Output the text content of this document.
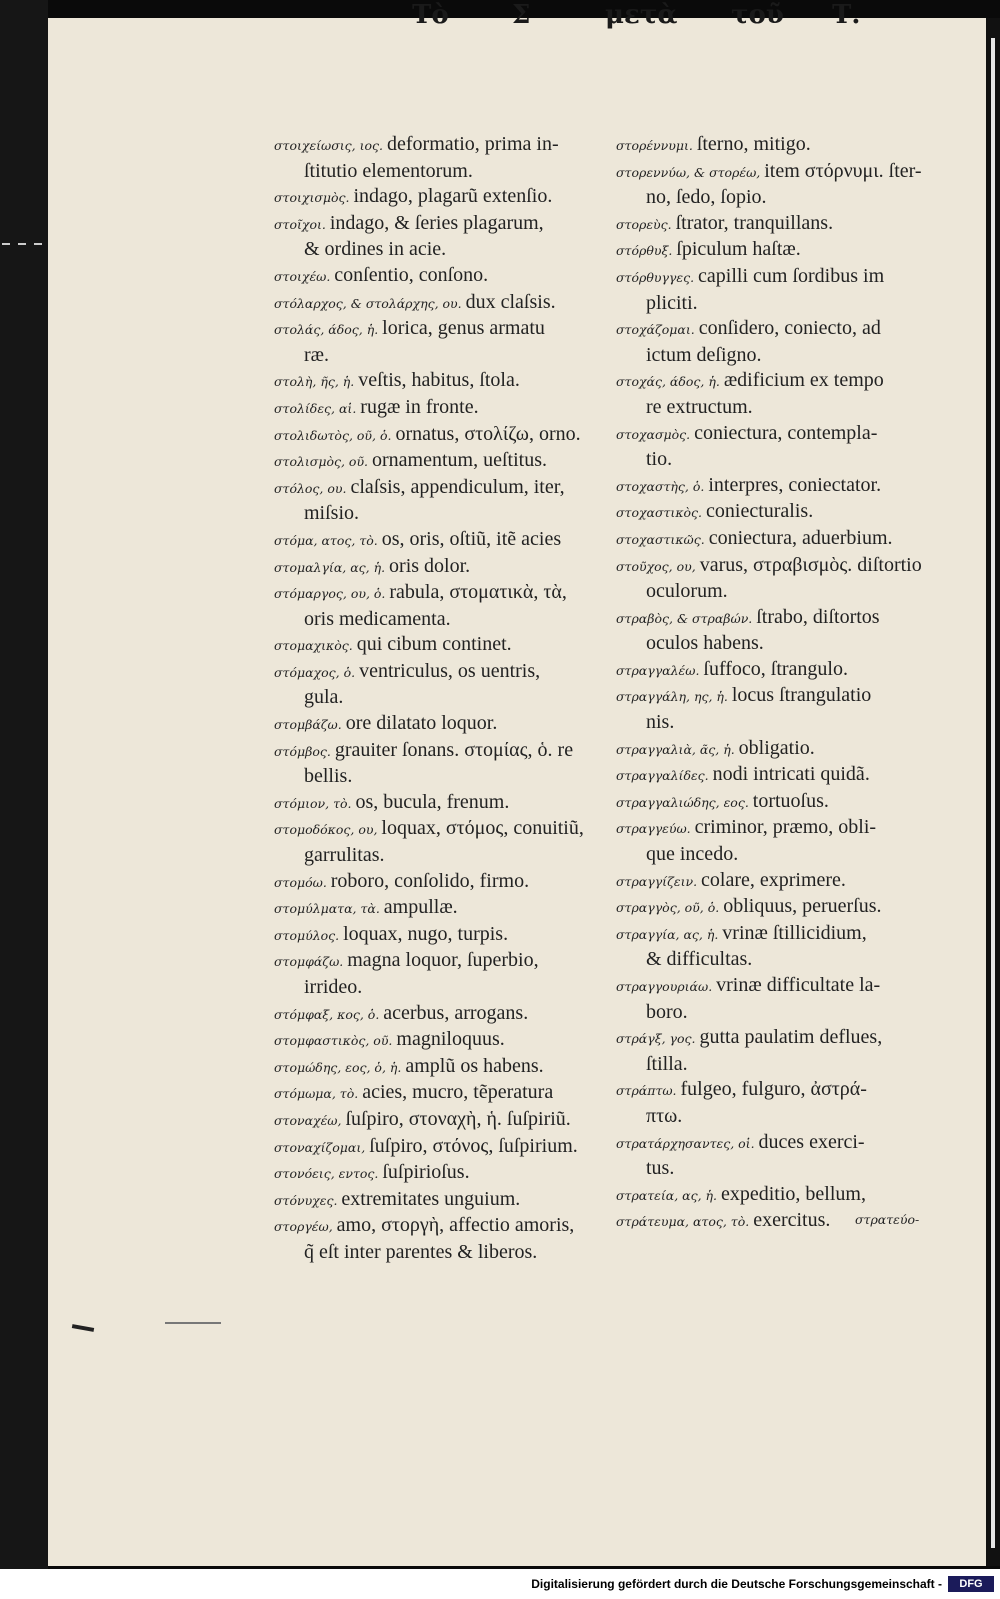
Τὸ Σ	μετὰ τοῦ Τ.
στοιχείωσις, ιος. deformatio, prima in-
ſtitutio elementorum.
στοιχισμὸς. indago, plagarũ extenſio.
στοῖχοι. indago, & ſeries plagarum,
& ordines in acie.
στοιχέω. conſentio, conſono.
στόλαρχος, & στολάρχης, ου. dux claſsis.
στολάς, άδος, ἡ. lorica, genus armatu
ræ.
στολὴ, ῆς, ἡ. veſtis, habitus, ſtola.
στολίδες, αἱ. rugæ in fronte.
στολιδωτὸς, οῦ, ὁ. ornatus, στολίζω, orno.
στολισμὸς, οῦ. ornamentum, ueſtitus.
στόλος, ου. claſsis, appendiculum, iter,
miſsio.
στόμα, ατος, τὸ. os, oris, oſtiũ, itẽ acies
στομαλγία, ας, ἡ. oris dolor.
στόμαργος, ου, ὁ. rabula, στοματικὰ, τὰ,
oris medicamenta.
στομαχικὸς. qui cibum continet.
στόμαχος, ὁ. ventriculus, os uentris,
gula.
στομβάζω. ore dilatato loquor.
στόμβος. grauiter ſonans. στομίας, ὁ. re
bellis.
στόμιον, τὸ. os, bucula, frenum.
στομοδόκος, ου, loquax, στόμος, conuitiũ,
garrulitas.
στομόω. roboro, conſolido, firmo.
στομύλματα, τὰ. ampullæ.
στομύλος. loquax, nugo, turpis.
στομφάζω. magna loquor, ſuperbio,
irrideo.
στόμφαξ, κος, ὁ. acerbus, arrogans.
στομφαστικὸς, οῦ. magniloquus.
στομώδης, εος, ὁ, ἡ. amplũ os habens.
στόμωμα, τὸ. acies, mucro, tẽperatura
στοναχέω, ſuſpiro, στοναχὴ, ἡ. ſuſpiriũ.
στοναχίζομαι, ſuſpiro, στόνος, ſuſpirium.
στονόεις, εντος. ſuſpirioſus.
στόνυχες. extremitates unguium.
στοργέω, amo, στοργὴ, affectio amoris,
q̃ eſt inter parentes & liberos.
στορέννυμι. ſterno, mitigo.
στορεννύω, & στορέω, item στόρνυμι. ſter-
no, ſedo, ſopio.
στορεὺς. ſtrator, tranquillans.
στόρθυξ. ſpiculum haſtæ.
στόρθυγγες. capilli cum ſordibus im
pliciti.
στοχάζομαι. conſidero, coniecto, ad
ictum deſigno.
στοχάς, άδος, ἡ. ædificium ex tempo
re extructum.
στοχασμὸς. coniectura, contempla-
tio.
στοχαστὴς, ὁ. interpres, coniectator.
στοχαστικὸς. coniecturalis.
στοχαστικῶς. coniectura, aduerbium.
στοῦχος, ου, varus, στραβισμὸς. diſtortio
oculorum.
στραβὸς, & στραβών. ſtrabo, diſtortos
oculos habens.
στραγγαλέω. ſuffoco, ſtrangulo.
στραγγάλη, ης, ἡ. locus ſtrangulatio
nis.
στραγγαλιὰ, ᾶς, ἡ. obligatio.
στραγγαλίδες. nodi intricati quidã.
στραγγαλιώδης, εος. tortuoſus.
στραγγεύω. criminor, præmo, obli-
que incedo.
στραγγίζειν. colare, exprimere.
στραγγὸς, οῦ, ὁ. obliquus, peruerſus.
στραγγία, ας, ἡ. vrinæ ſtillicidium,
& difficultas.
στραγγουριάω. vrinæ difficultate la-
boro.
στράγξ, γος. gutta paulatim deflues,
ſtilla.
στράπτω. fulgeo, fulguro, ἀστρά-
πτω.
στρατάρχησαντες, οἱ. duces exerci-
tus.
στρατεία, ας, ἡ. expeditio, bellum,
στράτευμα, ατος, τὸ. exercitus.	στρατεύο-
Digitalisierung gefördert durch die Deutsche Forschungsgemeinschaft -	DFG
